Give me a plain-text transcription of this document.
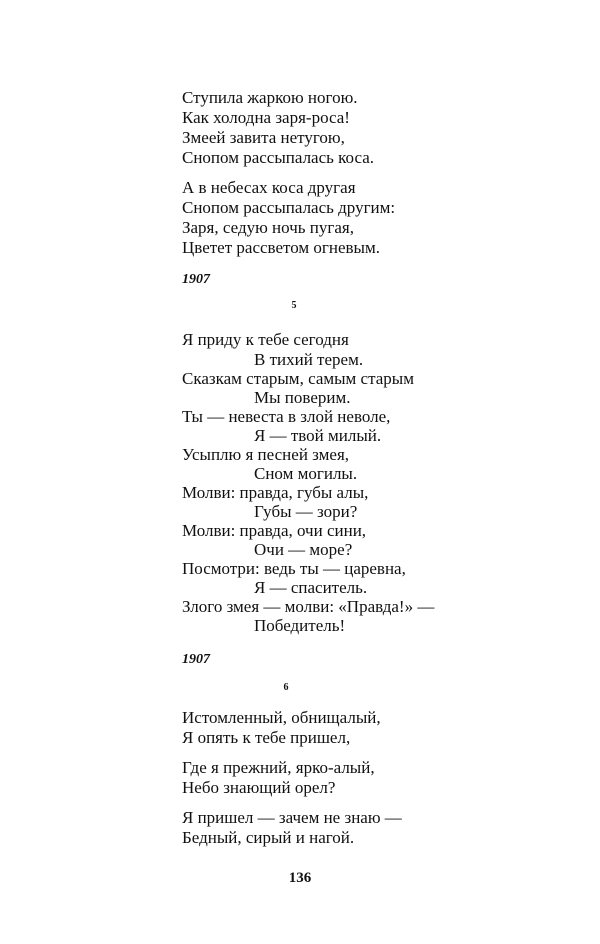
Ступила жаркою ногою.
Как холодна заря-роса!
Змеей завита нетугою,
Снопом рассыпалась коса.
А в небесах коса другая
Снопом рассыпалась другим:
Заря, седую ночь пугая,
Цветет рассветом огневым.
1907
5
Я приду к тебе сегодня
В тихий терем.
Сказкам старым, самым старым
Мы поверим.
Ты — невеста в злой неволе,
Я — твой милый.
Усыплю я песней змея,
Сном могилы.
Молви: правда, губы алы,
Губы — зори?
Молви: правда, очи сини,
Очи — море?
Посмотри: ведь ты — царевна,
Я — спаситель.
Злого змея — молви: «Правда!» —
Победитель!
1907
6
Истомленный, обнищалый,
Я опять к тебе пришел,
Где я прежний, ярко-алый,
Небо знающий орел?
Я пришел — зачем не знаю —
Бедный, сирый и нагой.
136
